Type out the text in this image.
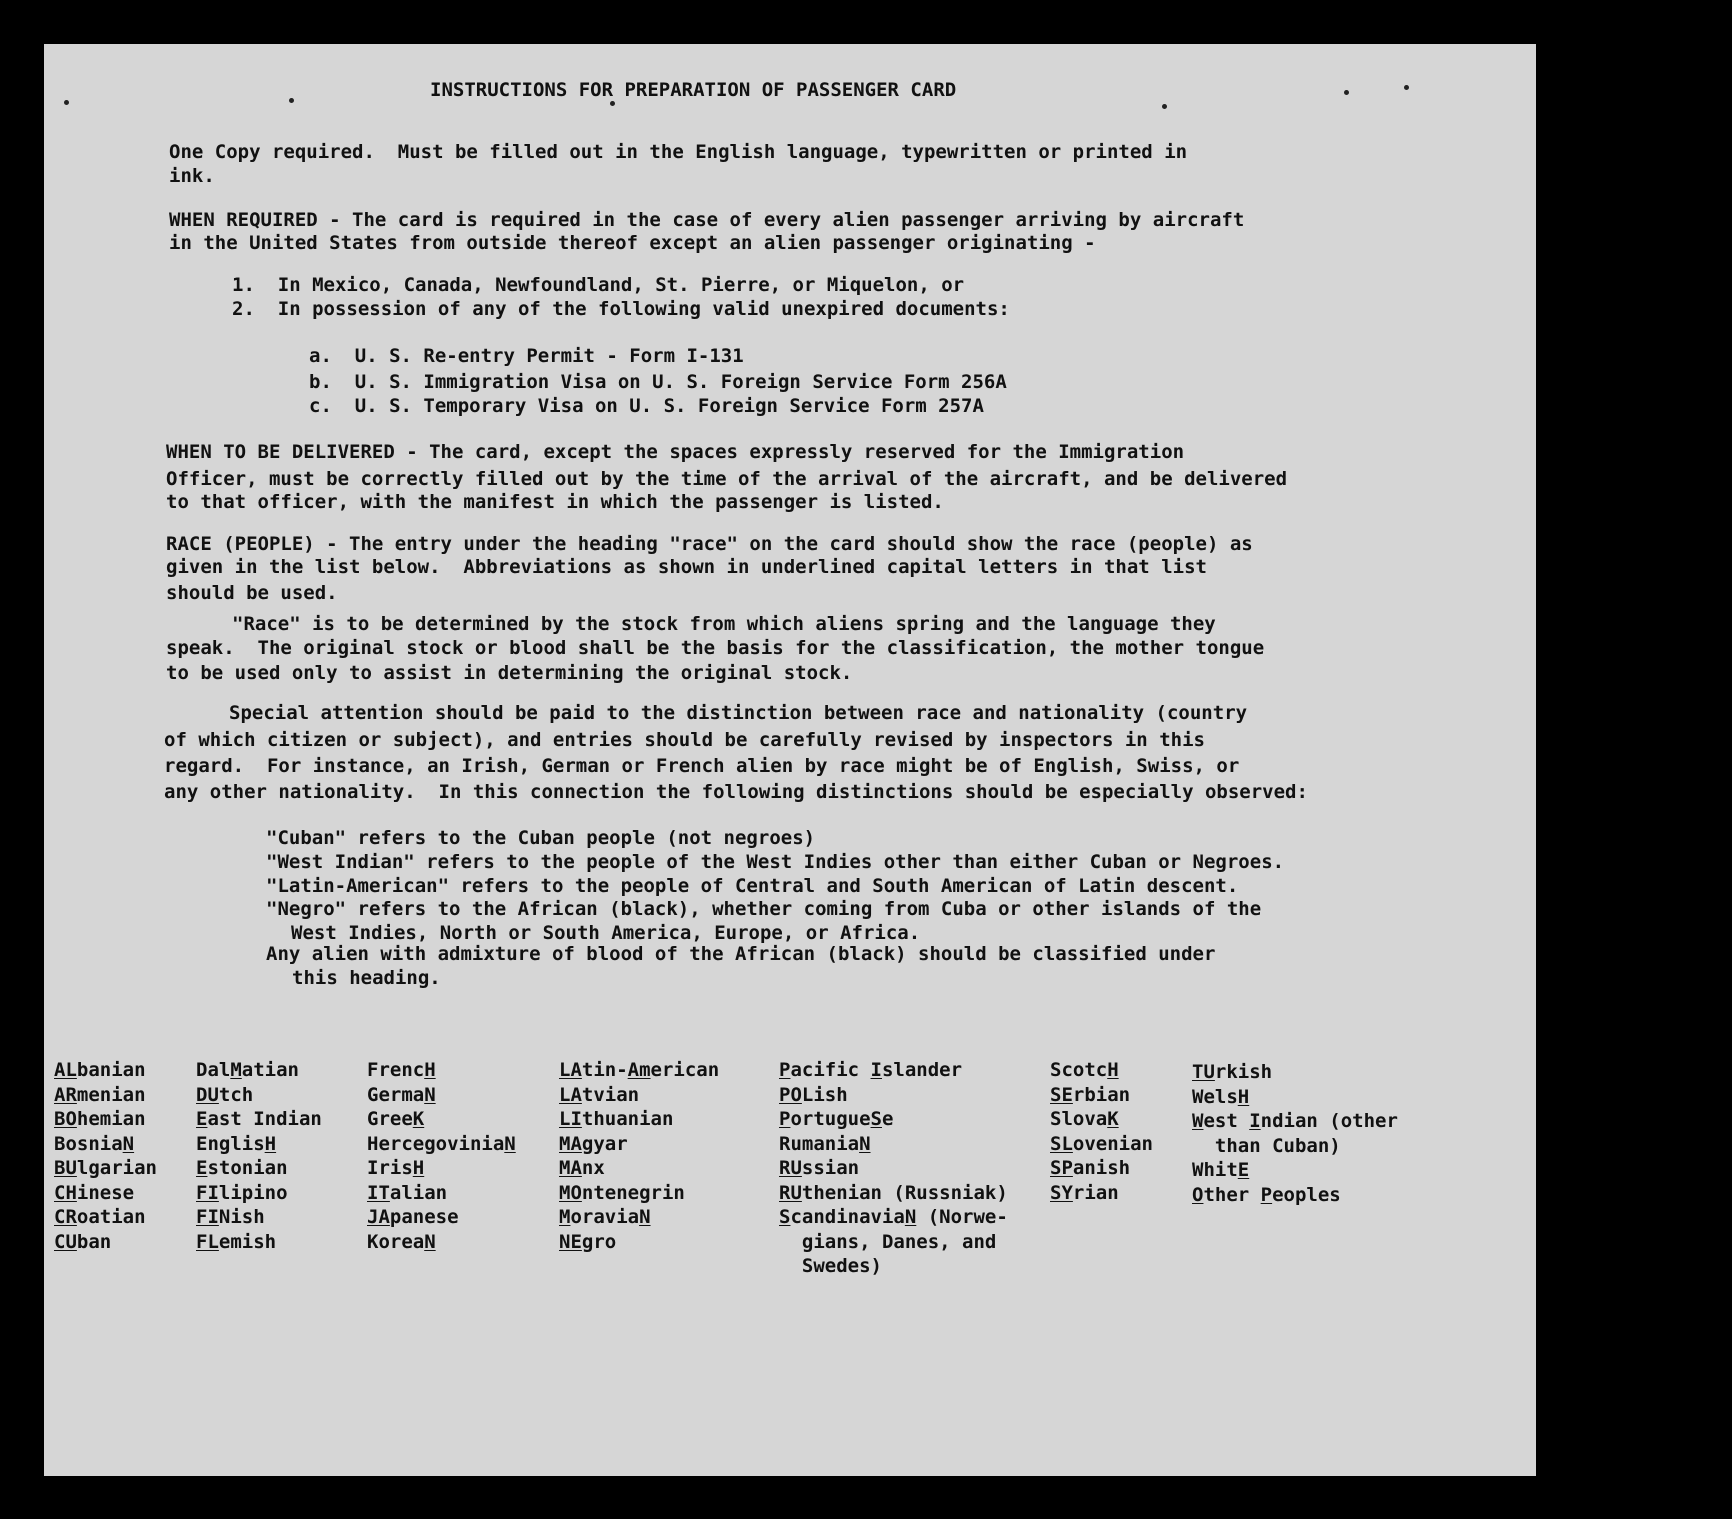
INSTRUCTIONS FOR PREPARATION OF PASSENGER CARD
One Copy required.  Must be filled out in the English language, typewritten or printed in
ink.
WHEN REQUIRED - The card is required in the case of every alien passenger arriving by aircraft
in the United States from outside thereof except an alien passenger originating -
1.  In Mexico, Canada, Newfoundland, St. Pierre, or Miquelon, or
2.  In possession of any of the following valid unexpired documents:
a.  U. S. Re-entry Permit - Form I-131
b.  U. S. Immigration Visa on U. S. Foreign Service Form 256A
c.  U. S. Temporary Visa on U. S. Foreign Service Form 257A
WHEN TO BE DELIVERED - The card, except the spaces expressly reserved for the Immigration
Officer, must be correctly filled out by the time of the arrival of the aircraft, and be delivered
to that officer, with the manifest in which the passenger is listed.
RACE (PEOPLE) - The entry under the heading "race" on the card should show the race (people) as
given in the list below.  Abbreviations as shown in underlined capital letters in that list
should be used.
"Race" is to be determined by the stock from which aliens spring and the language they
speak.  The original stock or blood shall be the basis for the classification, the mother tongue
to be used only to assist in determining the original stock.
Special attention should be paid to the distinction between race and nationality (country
of which citizen or subject), and entries should be carefully revised by inspectors in this
regard.  For instance, an Irish, German or French alien by race might be of English, Swiss, or
any other nationality.  In this connection the following distinctions should be especially observed:
"Cuban" refers to the Cuban people (not negroes)
"West Indian" refers to the people of the West Indies other than either Cuban or Negroes.
"Latin-American" refers to the people of Central and South American of Latin descent.
"Negro" refers to the African (black), whether coming from Cuba or other islands of the
West Indies, North or South America, Europe, or Africa.
Any alien with admixture of blood of the African (black) should be classified under
this heading.
ALbanian
ARmenian
BOhemian
BosniaN
BUlgarian
CHinese
CRoatian
CUban
DalMatian
DUtch
East Indian
EnglisH
Estonian
FIlipino
FINish
FLemish
FrencH
GermaN
GreeK
HercegoviniaN
IrisH
ITalian
JApanese
KoreaN
LAtin-American
LAtvian
LIthuanian
MAgyar
MAnx
MOntenegrin
MoraviaN
NEgro
Pacific Islander
POLish
PortugueSe
RumaniaN
RUssian
RUthenian (Russniak)
ScandinaviaN (Norwe-
gians, Danes, and
Swedes)
ScotcH
SErbian
SlovaK
SLovenian
SPanish
SYrian
TUrkish
WelsH
West Indian (other
than Cuban)
WhitE
Other Peoples
